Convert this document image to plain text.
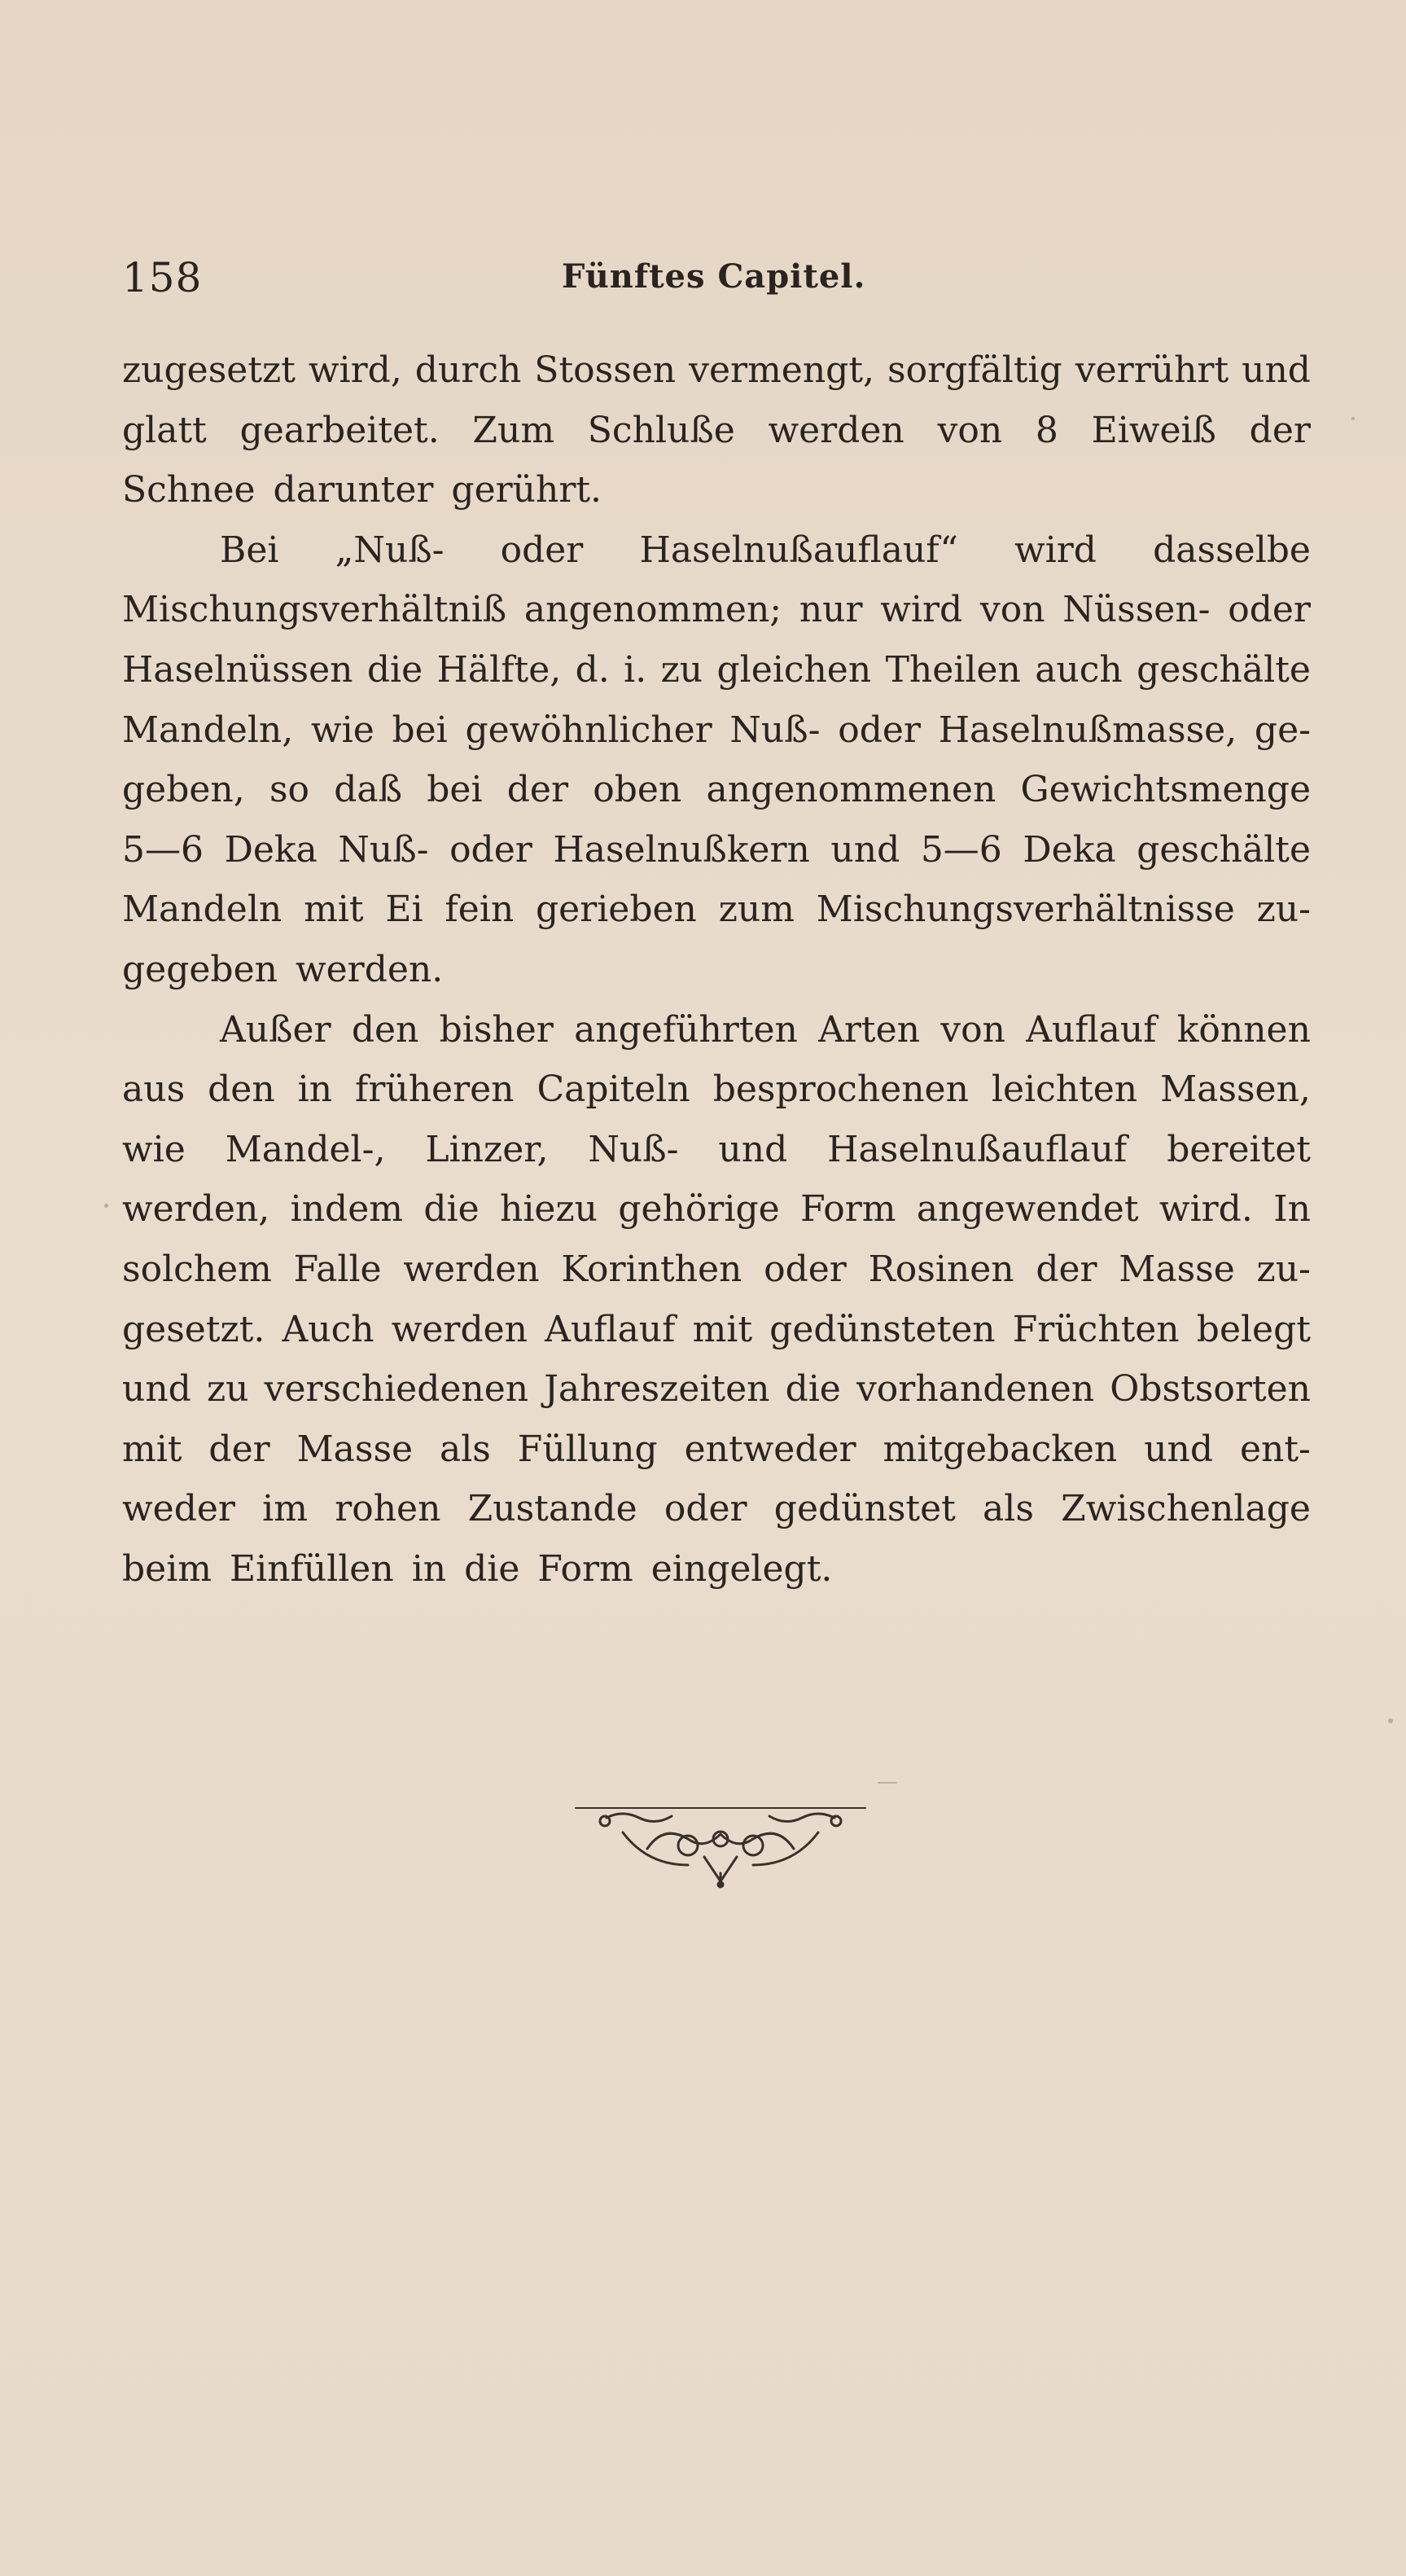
158	Fünftes Capitel.
zugesetzt wird, durch Stossen vermengt, sorgfältig verrührt und
glatt gearbeitet. Zum Schluße werden von 8 Eiweiß der
Schnee darunter gerührt.
Bei „Nuß- oder Haselnußauflauf“ wird dasselbe
Mischungsverhältniß angenommen; nur wird von Nüssen- oder
Haselnüssen die Hälfte, d. i. zu gleichen Theilen auch geschälte
Mandeln, wie bei gewöhnlicher Nuß- oder Haselnußmasse, ge-
geben, so daß bei der oben angenommenen Gewichtsmenge
5—6 Deka Nuß- oder Haselnußkern und 5—6 Deka geschälte
Mandeln mit Ei fein gerieben zum Mischungsverhältnisse zu-
gegeben werden.
Außer den bisher angeführten Arten von Auflauf können
aus den in früheren Capiteln besprochenen leichten Massen,
wie Mandel-, Linzer, Nuß- und Haselnußauflauf bereitet
werden, indem die hiezu gehörige Form angewendet wird. In
solchem Falle werden Korinthen oder Rosinen der Masse zu-
gesetzt. Auch werden Auflauf mit gedünsteten Früchten belegt
und zu verschiedenen Jahreszeiten die vorhandenen Obstsorten
mit der Masse als Füllung entweder mitgebacken und ent-
weder im rohen Zustande oder gedünstet als Zwischenlage
beim Einfüllen in die Form eingelegt.
